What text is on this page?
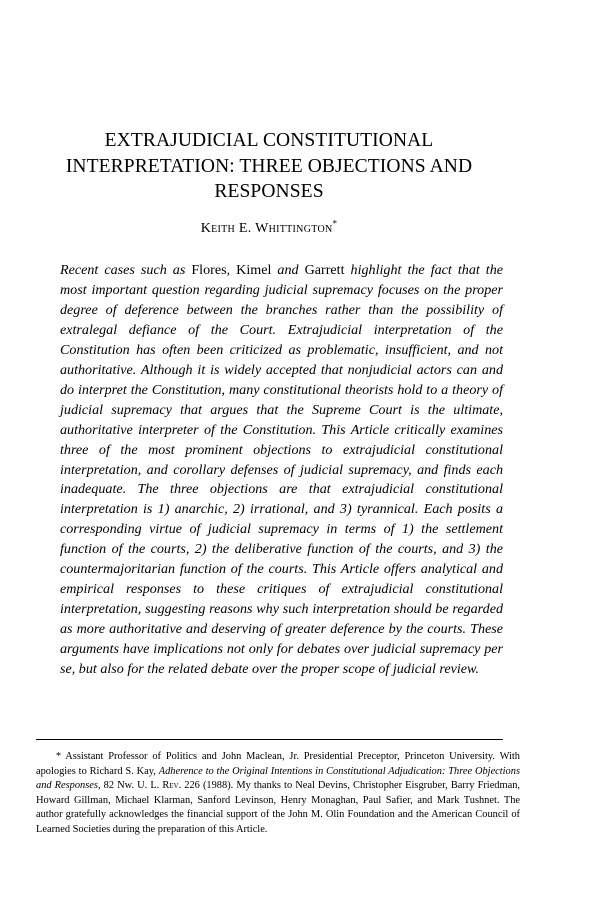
EXTRAJUDICIAL CONSTITUTIONAL
INTERPRETATION: THREE OBJECTIONS AND
RESPONSES
Keith E. Whittington*
Recent cases such as Flores, Kimel and Garrett highlight the fact that the most important question regarding judicial supremacy focuses on the proper degree of deference between the branches rather than the possibility of extralegal defiance of the Court. Extrajudicial interpretation of the Constitution has often been criticized as problematic, insufficient, and not authoritative. Although it is widely accepted that nonjudicial actors can and do interpret the Constitution, many constitutional theorists hold to a theory of judicial supremacy that argues that the Supreme Court is the ultimate, authoritative interpreter of the Constitution. This Article critically examines three of the most prominent objections to extrajudicial constitutional interpretation, and corollary defenses of judicial supremacy, and finds each inadequate. The three objections are that extrajudicial constitutional interpretation is 1) anarchic, 2) irrational, and 3) tyrannical. Each posits a corresponding virtue of judicial supremacy in terms of 1) the settlement function of the courts, 2) the deliberative function of the courts, and 3) the countermajoritarian function of the courts. This Article offers analytical and empirical responses to these critiques of extrajudicial constitutional interpretation, suggesting reasons why such interpretation should be regarded as more authoritative and deserving of greater deference by the courts. These arguments have implications not only for debates over judicial supremacy per se, but also for the related debate over the proper scope of judicial review.
* Assistant Professor of Politics and John Maclean, Jr. Presidential Preceptor, Princeton University. With apologies to Richard S. Kay, Adherence to the Original Intentions in Constitutional Adjudication: Three Objections and Responses, 82 Nw. U. L. Rev. 226 (1988). My thanks to Neal Devins, Christopher Eisgruber, Barry Friedman, Howard Gillman, Michael Klarman, Sanford Levinson, Henry Monaghan, Paul Safier, and Mark Tushnet. The author gratefully acknowledges the financial support of the John M. Olin Foundation and the American Council of Learned Societies during the preparation of this Article.
